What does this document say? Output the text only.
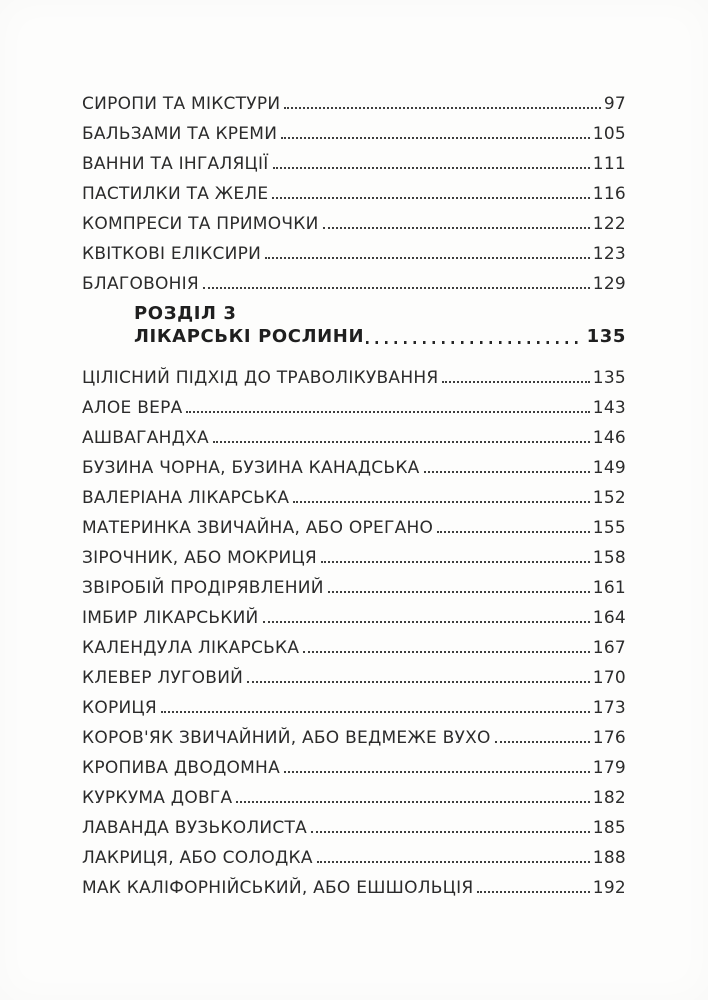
СИРОПИ ТА МІКСТУРИ	97
БАЛЬЗАМИ ТА КРЕМИ	105
ВАННИ ТА ІНГАЛЯЦІЇ	111
ПАСТИЛКИ ТА ЖЕЛЕ	116
КОМПРЕСИ ТА ПРИМОЧКИ	122
КВІТКОВІ ЕЛІКСИРИ	123
БЛАГОВОНІЯ	129
РОЗДІЛ 3
ЛІКАРСЬКІ РОСЛИНИ	135
ЦІЛІСНИЙ ПІДХІД ДО ТРАВОЛІКУВАННЯ	135
АЛОЕ ВЕРА	143
АШВАГАНДХА	146
БУЗИНА ЧОРНА, БУЗИНА КАНАДСЬКА	149
ВАЛЕРІАНА ЛІКАРСЬКА	152
МАТЕРИНКА ЗВИЧАЙНА, АБО ОРЕГАНО	155
ЗІРОЧНИК, АБО МОКРИЦЯ	158
ЗВІРОБІЙ ПРОДІРЯВЛЕНИЙ	161
ІМБИР ЛІКАРСЬКИЙ	164
КАЛЕНДУЛА ЛІКАРСЬКА	167
КЛЕВЕР ЛУГОВИЙ	170
КОРИЦЯ	173
КОРОВ'ЯК ЗВИЧАЙНИЙ, АБО ВЕДМЕЖЕ ВУХО	176
КРОПИВА ДВОДОМНА	179
КУРКУМА ДОВГА	182
ЛАВАНДА ВУЗЬКОЛИСТА	185
ЛАКРИЦЯ, АБО СОЛОДКА	188
МАК КАЛІФОРНІЙСЬКИЙ, АБО ЕШШОЛЬЦІЯ	192
